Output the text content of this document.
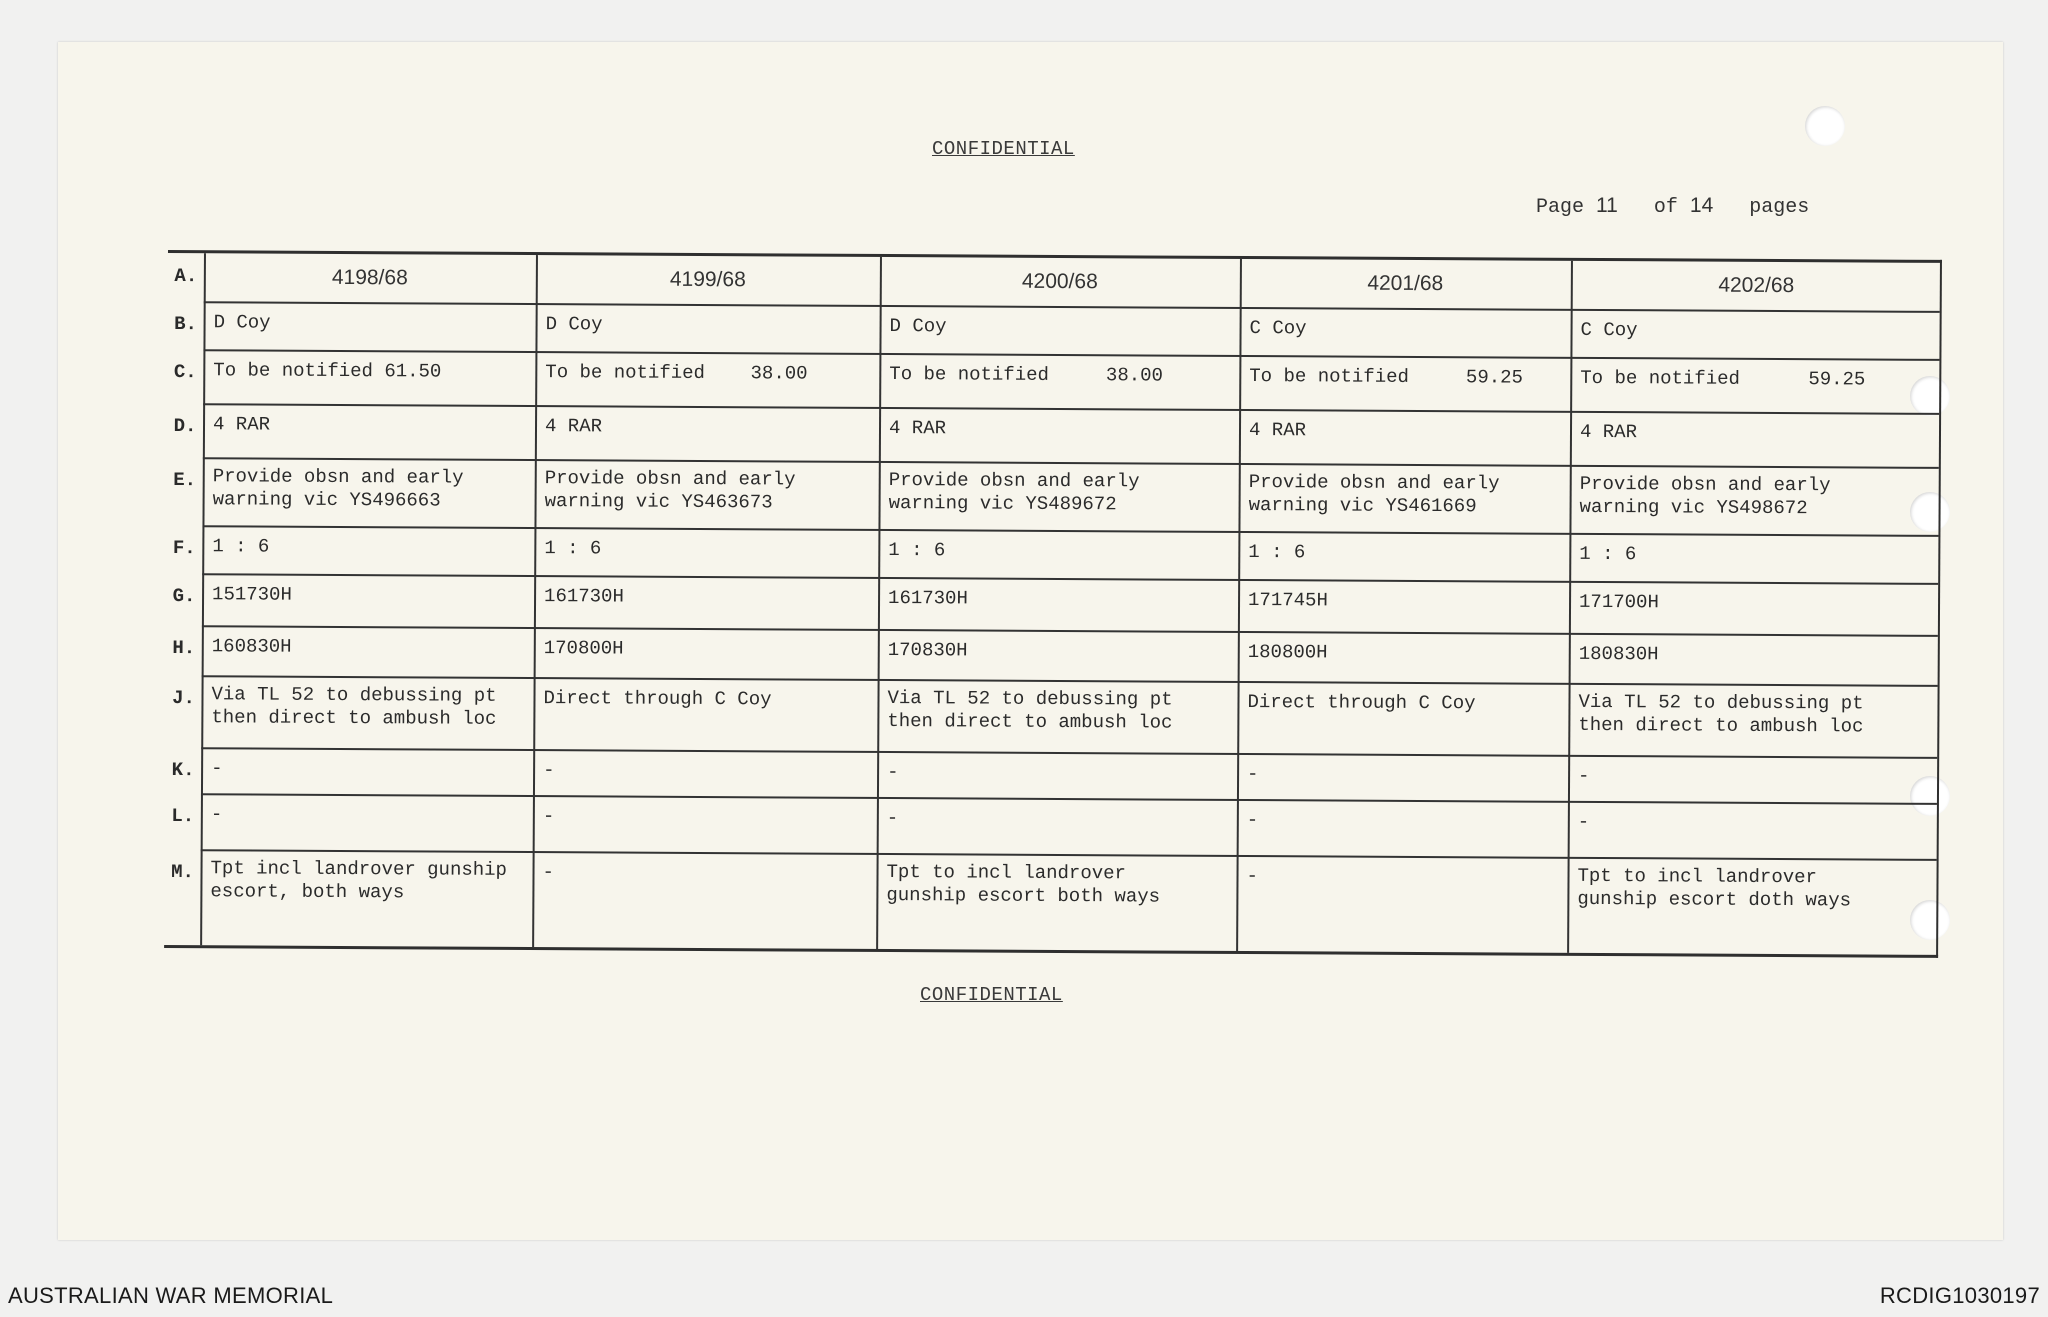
CONFIDENTIAL
Page 11 of 14 pages
A.
B.
C.
D.
E.
F.
G.
H.
J.
K.
L.
M.
4198/68
D Coy
To be notified 61.50
4 RAR
Provide obsn and early
warning vic YS496663
1 : 6
151730H
160830H
Via TL 52 to debussing pt
then direct to ambush loc
-
-
Tpt incl landrover gunship
escort, both ways
4199/68
D Coy
To be notified    38.00
4 RAR
Provide obsn and early
warning vic YS463673
1 : 6
161730H
170800H
Direct through C Coy
-
-
-
4200/68
D Coy
To be notified     38.00
4 RAR
Provide obsn and early
warning vic YS489672
1 : 6
161730H
170830H
Via TL 52 to debussing pt
then direct to ambush loc
-
-
Tpt to incl landrover
gunship escort both ways
4201/68
C Coy
To be notified     59.25
4 RAR
Provide obsn and early
warning vic YS461669
1 : 6
171745H
180800H
Direct through C Coy
-
-
-
4202/68
C Coy
To be notified      59.25
4 RAR
Provide obsn and early
warning vic YS498672
1 : 6
171700H
180830H
Via TL 52 to debussing pt
then direct to ambush loc
-
-
Tpt to incl landrover
gunship escort doth ways
CONFIDENTIAL
AUSTRALIAN WAR MEMORIAL	RCDIG1030197
